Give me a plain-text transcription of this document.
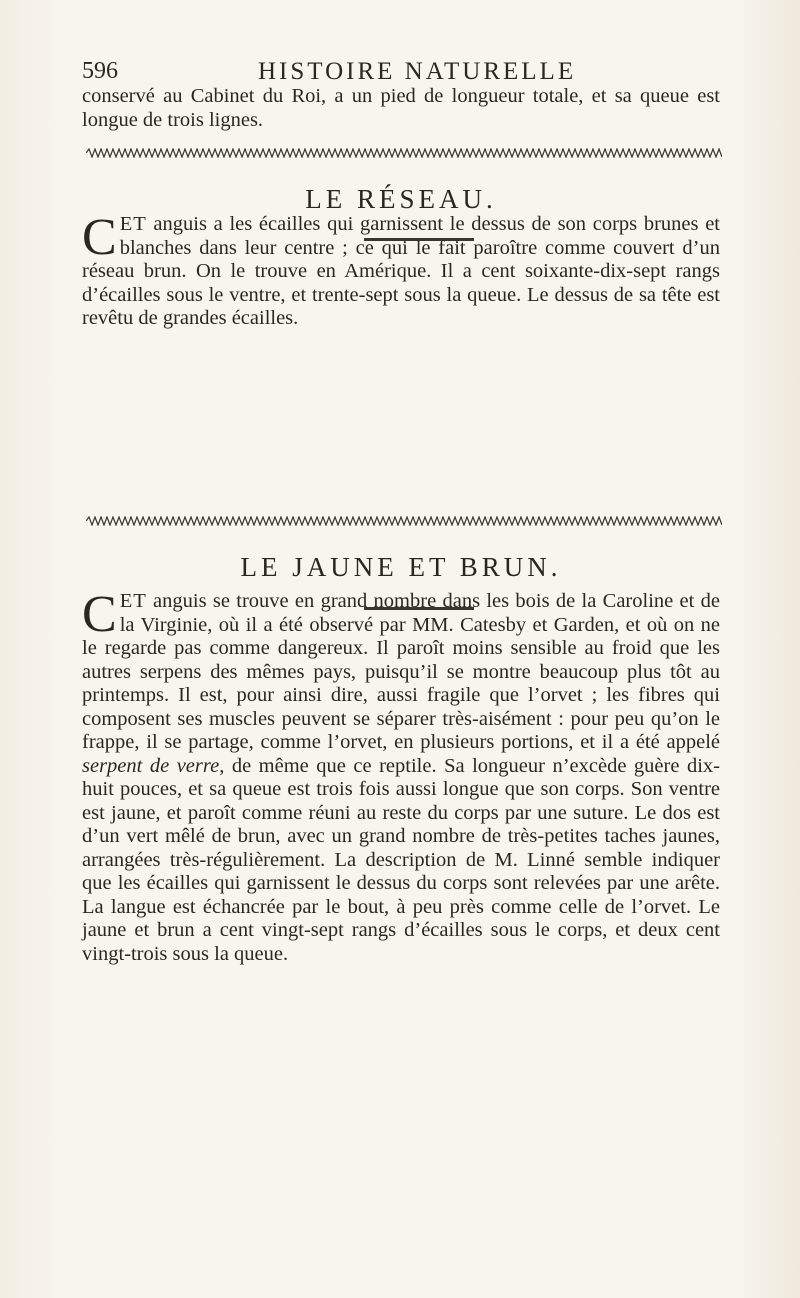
596	HISTOIRE NATURELLE

conservé au Cabinet du Roi, a un pied de longueur totale, et sa queue est longue de trois lignes.

LE RÉSEAU.

CET anguis a les écailles qui garnissent le dessus de son corps brunes et blanches dans leur centre ; ce qui le fait paroître comme couvert d’un réseau brun. On le trouve en Amérique. Il a cent soixante-dix-sept rangs d’écailles sous le ventre, et trente-sept sous la queue. Le dessus de sa tête est revêtu de grandes écailles.

LE JAUNE ET BRUN.

CET anguis se trouve en grand nombre dans les bois de la Caroline et de la Virginie, où il a été observé par MM. Catesby et Garden, et où on ne le regarde pas comme dangereux. Il paroît moins sensible au froid que les autres serpens des mêmes pays, puisqu’il se montre beaucoup plus tôt au printemps. Il est, pour ainsi dire, aussi fragile que l’orvet ; les fibres qui composent ses muscles peuvent se séparer très-aisément : pour peu qu’on le frappe, il se partage, comme l’orvet, en plusieurs portions, et il a été appelé serpent de verre, de même que ce reptile. Sa longueur n’excède guère dix-huit pouces, et sa queue est trois fois aussi longue que son corps. Son ventre est jaune, et paroît comme réuni au reste du corps par une suture. Le dos est d’un vert mêlé de brun, avec un grand nombre de très-petites taches jaunes, arrangées très-régulièrement. La description de M. Linné semble indiquer que les écailles qui garnissent le dessus du corps sont relevées par une arête. La langue est échancrée par le bout, à peu près comme celle de l’orvet. Le jaune et brun a cent vingt-sept rangs d’écailles sous le corps, et deux cent vingt-trois sous la queue.
